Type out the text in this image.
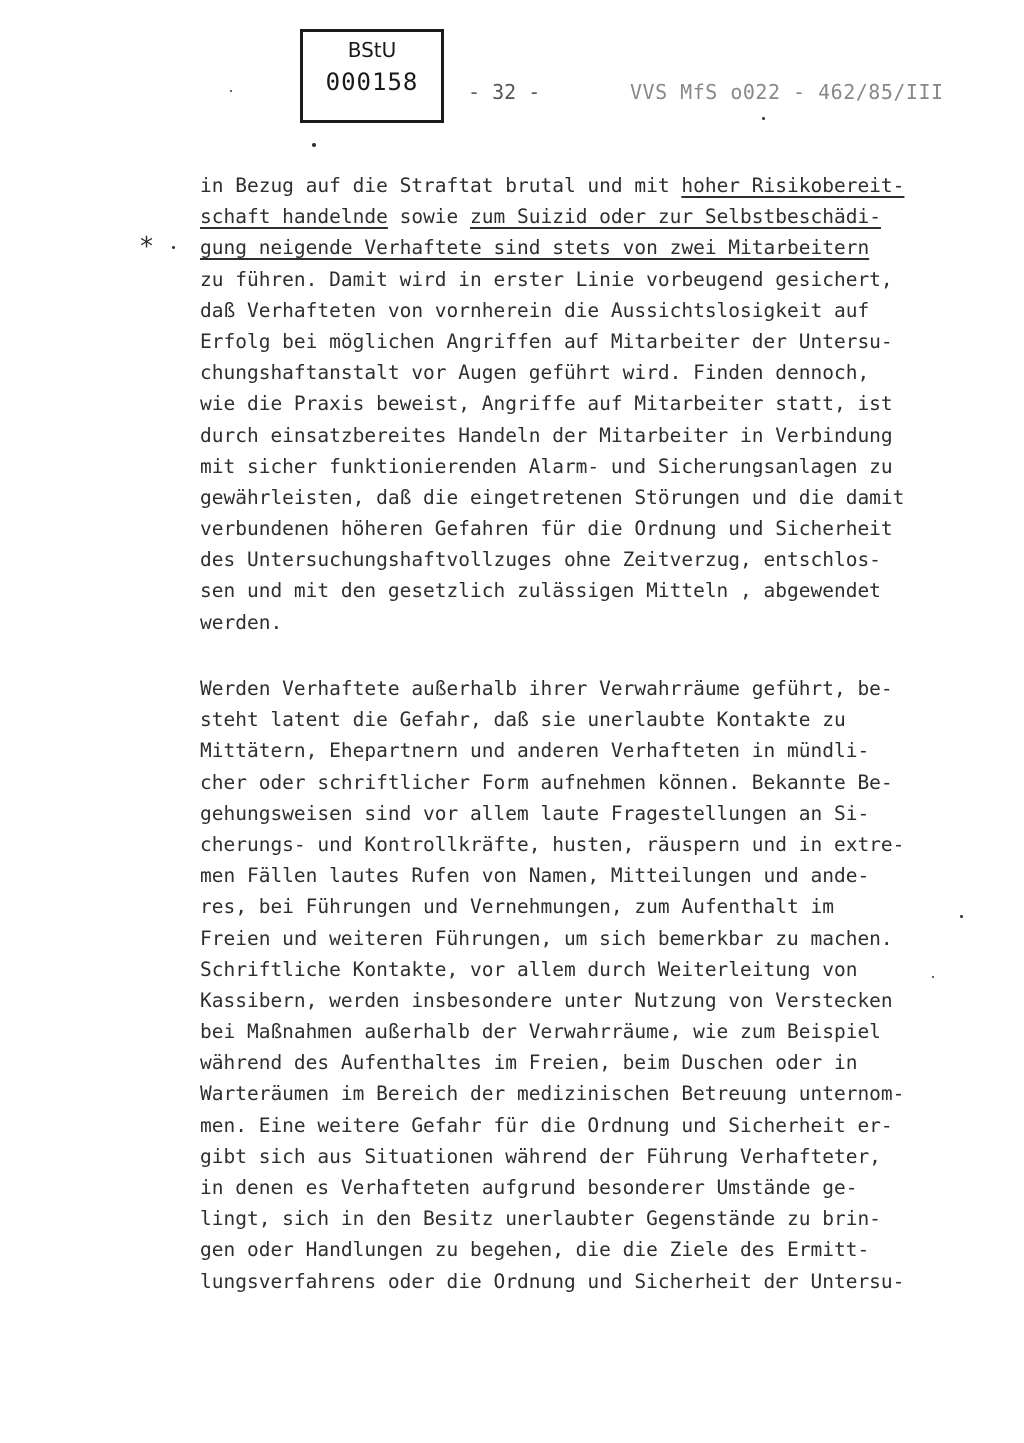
BStU
000158	- 32 -	VVS MfS o022 - 462/85/III
*
in Bezug auf die Straftat brutal und mit hoher Risikobereit-
schaft handelnde sowie zum Suizid oder zur Selbstbeschädi-
gung neigende Verhaftete sind stets von zwei Mitarbeitern
zu führen. Damit wird in erster Linie vorbeugend gesichert,
daß Verhafteten von vornherein die Aussichtslosigkeit auf
Erfolg bei möglichen Angriffen auf Mitarbeiter der Untersu-
chungshaftanstalt vor Augen geführt wird. Finden dennoch,
wie die Praxis beweist, Angriffe auf Mitarbeiter statt, ist
durch einsatzbereites Handeln der Mitarbeiter in Verbindung
mit sicher funktionierenden Alarm- und Sicherungsanlagen zu
gewährleisten, daß die eingetretenen Störungen und die damit
verbundenen höheren Gefahren für die Ordnung und Sicherheit
des Untersuchungshaftvollzuges ohne Zeitverzug, entschlos-
sen und mit den gesetzlich zulässigen Mitteln , abgewendet
werden.
Werden Verhaftete außerhalb ihrer Verwahrräume geführt, be-
steht latent die Gefahr, daß sie unerlaubte Kontakte zu
Mittätern, Ehepartnern und anderen Verhafteten in mündli-
cher oder schriftlicher Form aufnehmen können. Bekannte Be-
gehungsweisen sind vor allem laute Fragestellungen an Si-
cherungs- und Kontrollkräfte, husten, räuspern und in extre-
men Fällen lautes Rufen von Namen, Mitteilungen und ande-
res, bei Führungen und Vernehmungen, zum Aufenthalt im
Freien und weiteren Führungen, um sich bemerkbar zu machen.
Schriftliche Kontakte, vor allem durch Weiterleitung von
Kassibern, werden insbesondere unter Nutzung von Verstecken
bei Maßnahmen außerhalb der Verwahrräume, wie zum Beispiel
während des Aufenthaltes im Freien, beim Duschen oder in
Warteräumen im Bereich der medizinischen Betreuung unternom-
men. Eine weitere Gefahr für die Ordnung und Sicherheit er-
gibt sich aus Situationen während der Führung Verhafteter,
in denen es Verhafteten aufgrund besonderer Umstände ge-
lingt, sich in den Besitz unerlaubter Gegenstände zu brin-
gen oder Handlungen zu begehen, die die Ziele des Ermitt-
lungsverfahrens oder die Ordnung und Sicherheit der Untersu-
